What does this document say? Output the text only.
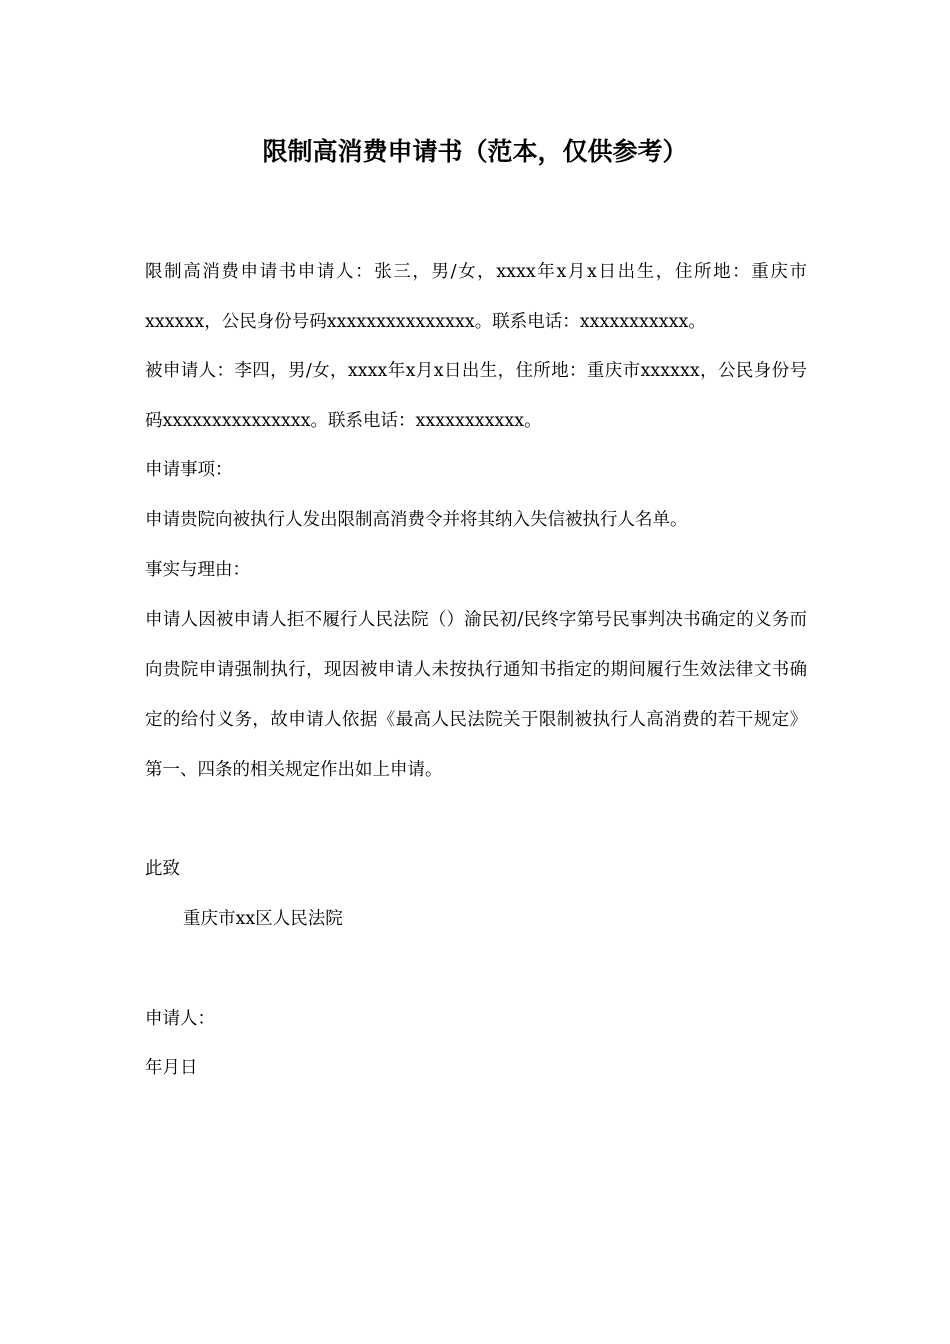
限制高消费申请书（范本，仅供参考）

限制高消费申请书申请人：张三，男/女，xxxx年x月x日出生，住所地：重庆市xxxxxx，公民身份号码xxxxxxxxxxxxxxx。联系电话：xxxxxxxxxxx。

被申请人：李四，男/女，xxxx年x月x日出生，住所地：重庆市xxxxxx，公民身份号码xxxxxxxxxxxxxxx。联系电话：xxxxxxxxxxx。

申请事项：

申请贵院向被执行人发出限制高消费令并将其纳入失信被执行人名单。

事实与理由：

申请人因被申请人拒不履行人民法院（）渝民初/民终字第号民事判决书确定的义务而向贵院申请强制执行，现因被申请人未按执行通知书指定的期间履行生效法律文书确定的给付义务，故申请人依据《最高人民法院关于限制被执行人高消费的若干规定》第一、四条的相关规定作出如上申请。

此致

重庆市xx区人民法院

申请人：

年月日
